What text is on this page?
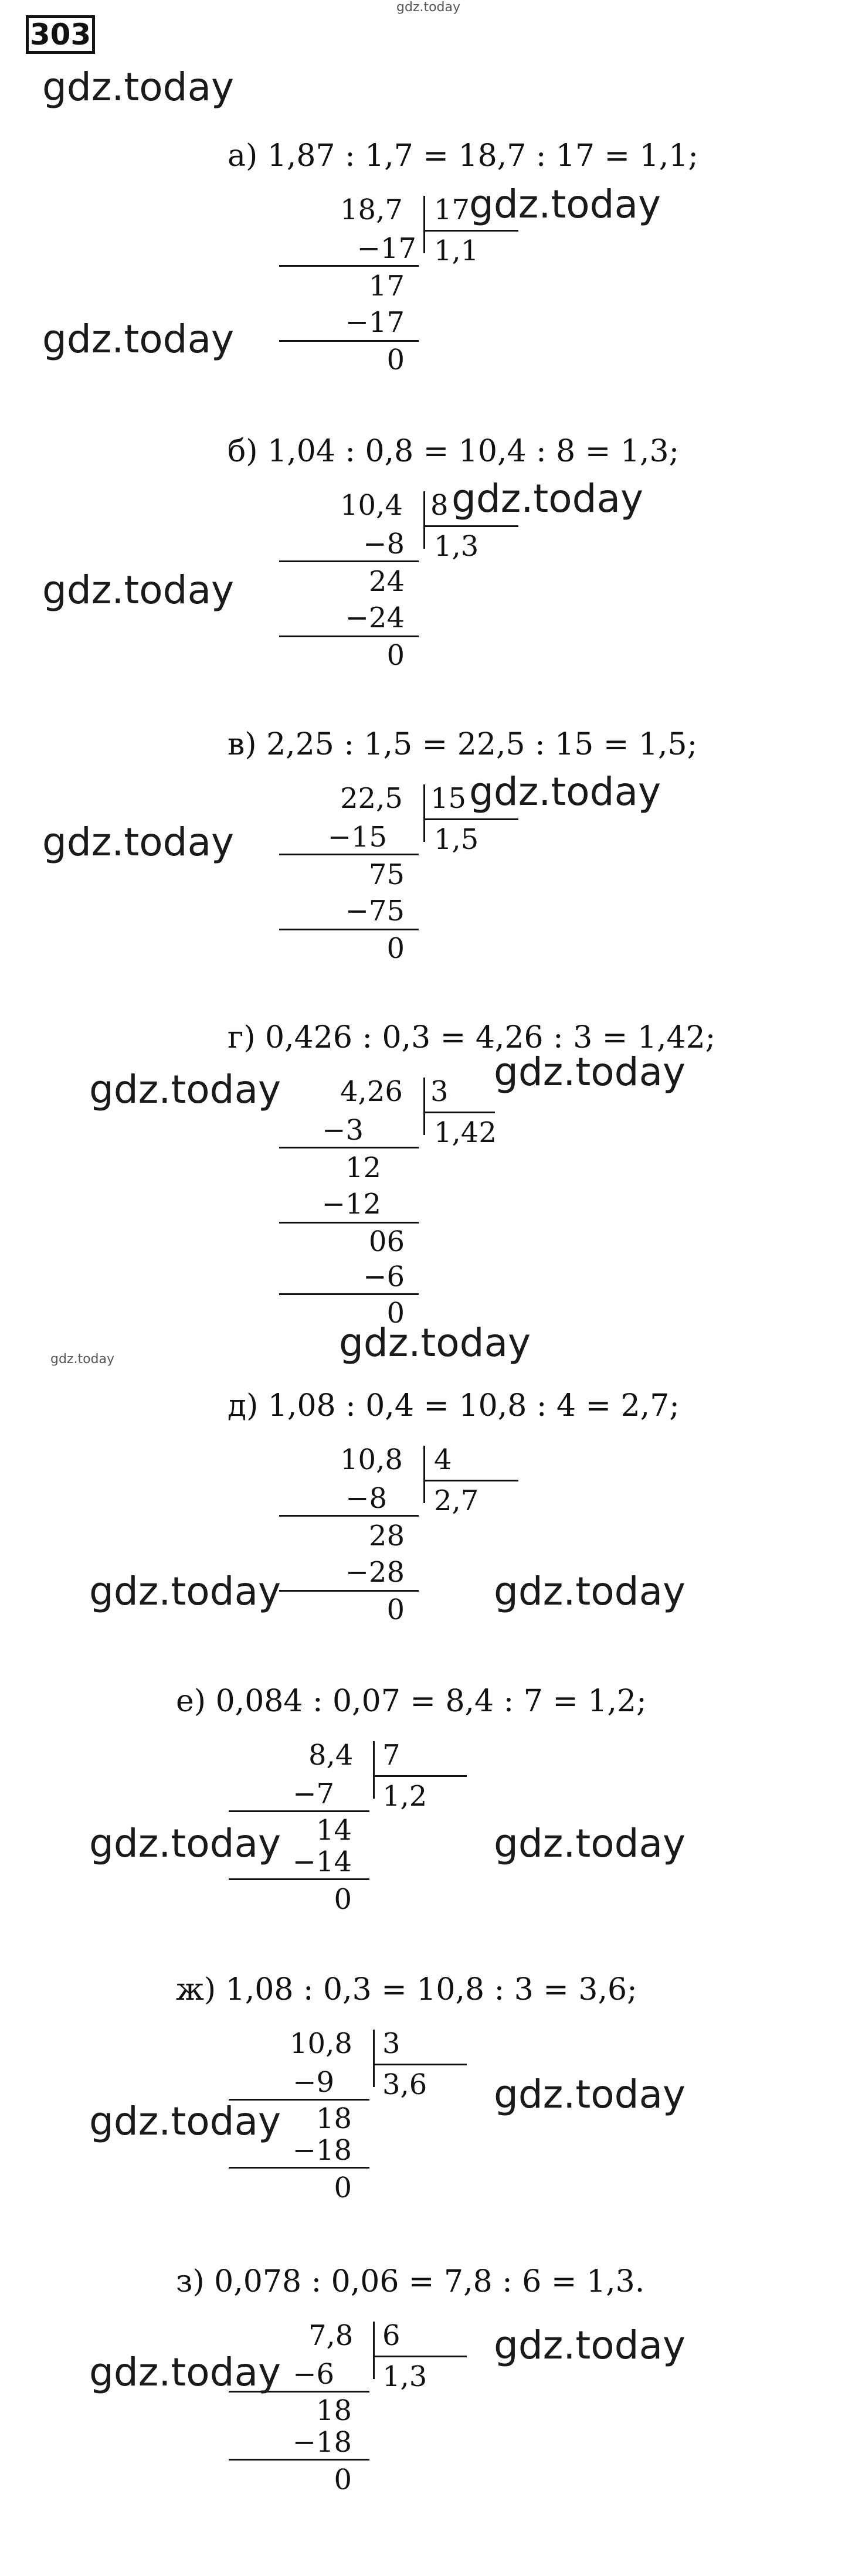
303
gdz.today
gdz.today
а) 1,87 : 1,7 = 18,7 : 17 = 1,1;
18,7 17
1,1
−17
17
−17
0
gdz.today
gdz.today
б) 1,04 : 0,8 = 10,4 : 8 = 1,3;
10,4 8
1,3
−8
24
−24
0
gdz.today
gdz.today
в) 2,25 : 1,5 = 22,5 : 15 = 1,5;
22,5 15
1,5
−15
75
−75
0
gdz.today
gdz.today
г) 0,426 : 0,3 = 4,26 : 3 = 1,42;
4,26 3
1,42
−3
12
−12
06
−6
0
gdz.today	gdz.today
gdz.today	gdz.today
д) 1,08 : 0,4 = 10,8 : 4 = 2,7;
10,8 4
2,7
−8
28
−28
0
gdz.today	gdz.today
е) 0,084 : 0,07 = 8,4 : 7 = 1,2;
8,4 7
1,2
−7
14
−14
0
gdz.today	gdz.today
ж) 1,08 : 0,3 = 10,8 : 3 = 3,6;
10,8 3
3,6
−9
18
−18
0
gdz.today
gdz.today
з) 0,078 : 0,06 = 7,8 : 6 = 1,3.
7,8 6
1,3
−6
18
−18
0
gdz.today
gdz.today
